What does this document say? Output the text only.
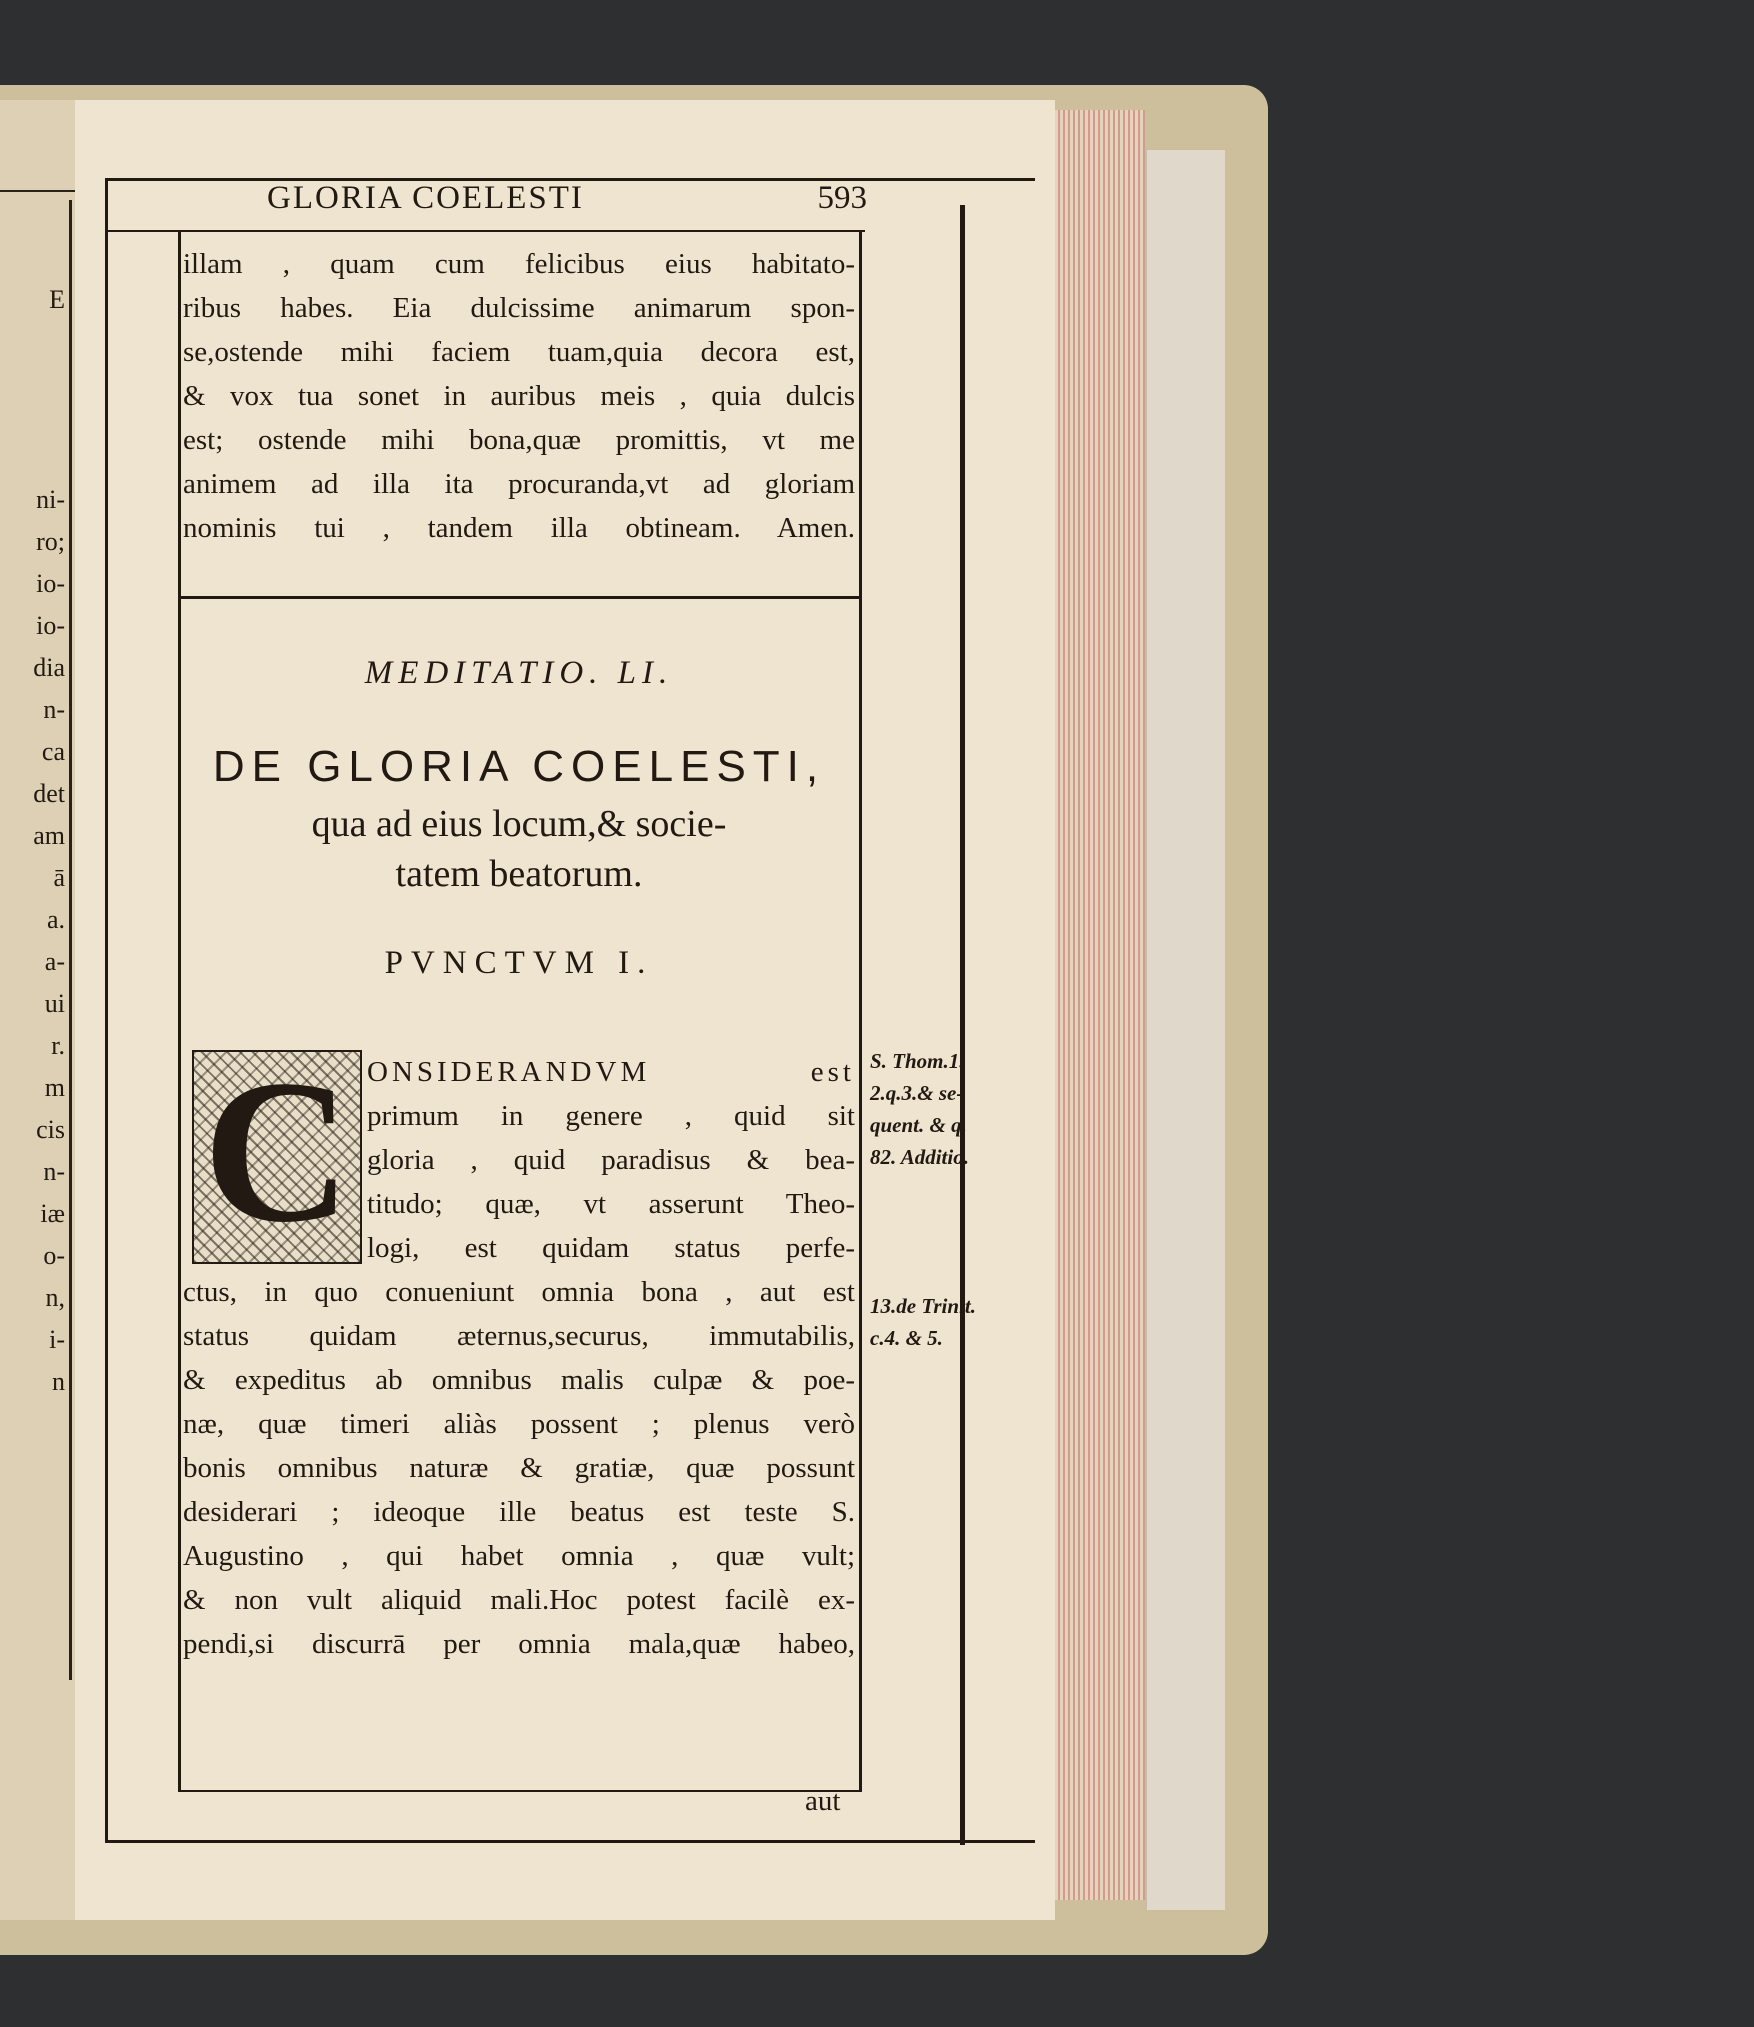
E
ni-
ro;
io-
io-
dia
n-
ca
det
am
ā
a.
a-
ui
r.
m
cis
n-
iæ
o-
n,
i-
n
GLORIA COELESTI	593
illam , quam cum felicibus eius habitato-
ribus habes. Eia dulcissime animarum spon-
se,ostende mihi faciem tuam,quia decora est,
& vox tua sonet in auribus meis , quia dulcis
est; ostende mihi bona,quæ promittis, vt me
animem ad illa ita procuranda,vt ad gloriam
nominis tui , tandem illa obtineam. Amen.
MEDITATIO. LI.
DE GLORIA COELESTI,
qua ad eius locum,& socie-
tatem beatorum.
PVNCTVM I.
C ONSIDERANDVM est
primum in genere , quid sit
gloria , quid paradisus & bea-
titudo; quæ, vt asserunt Theo-
logi, est quidam status perfe-
ctus, in quo conueniunt omnia bona , aut est
status quidam æternus,securus, immutabilis,
& expeditus ab omnibus malis culpæ & poe-
næ, quæ timeri aliàs possent ; plenus verò
bonis omnibus naturæ & gratiæ, quæ possunt
desiderari ; ideoque ille beatus est teste S.
Augustino , qui habet omnia , quæ vult;
& non vult aliquid mali.Hoc potest facilè ex-
pendi,si discurrā per omnia mala,quæ habeo,
S. Thom.1.
2.q.3.& se-
quent. & q.
82. Additio.
13.de Trinit.
c.4. & 5.
aut
